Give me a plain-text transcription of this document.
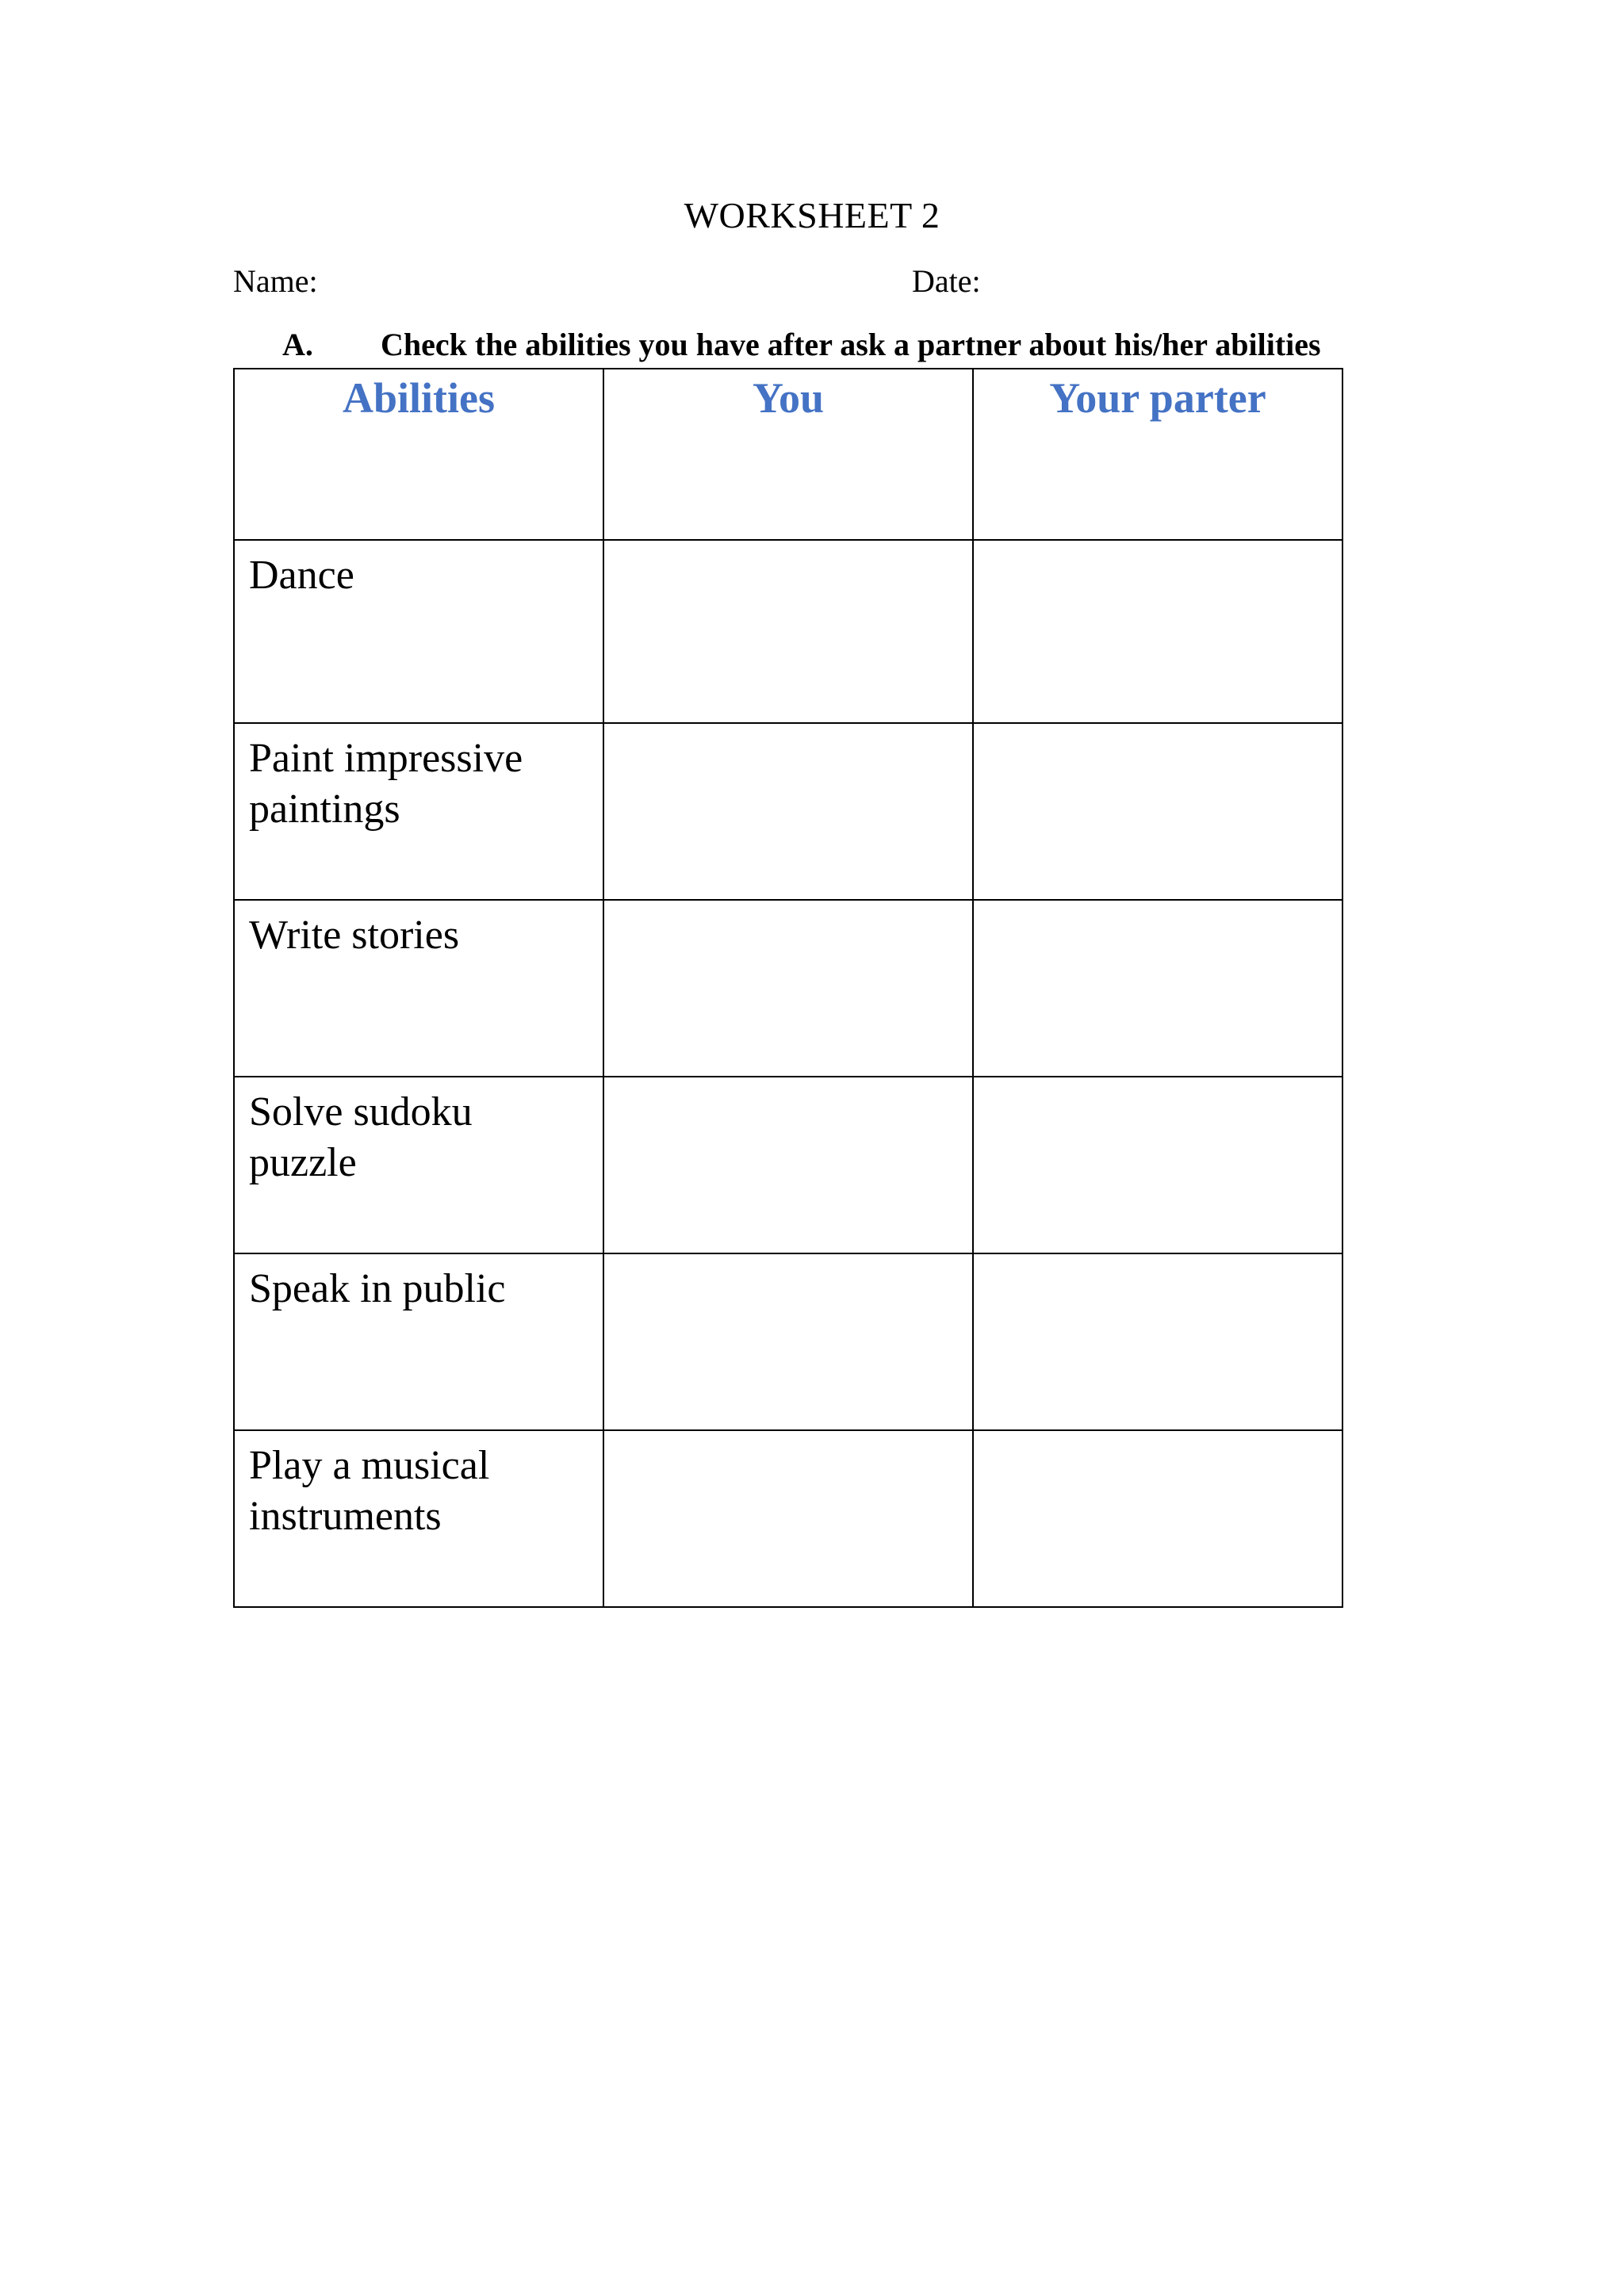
WORKSHEET 2
Name:	Date:
A. Check the abilities you have after ask a partner about his/her abilities
Abilities	You	Your parter
Dance		
Paint impressive paintings		
Write stories		
Solve sudoku puzzle		
Speak in public		
Play a musical instruments		
